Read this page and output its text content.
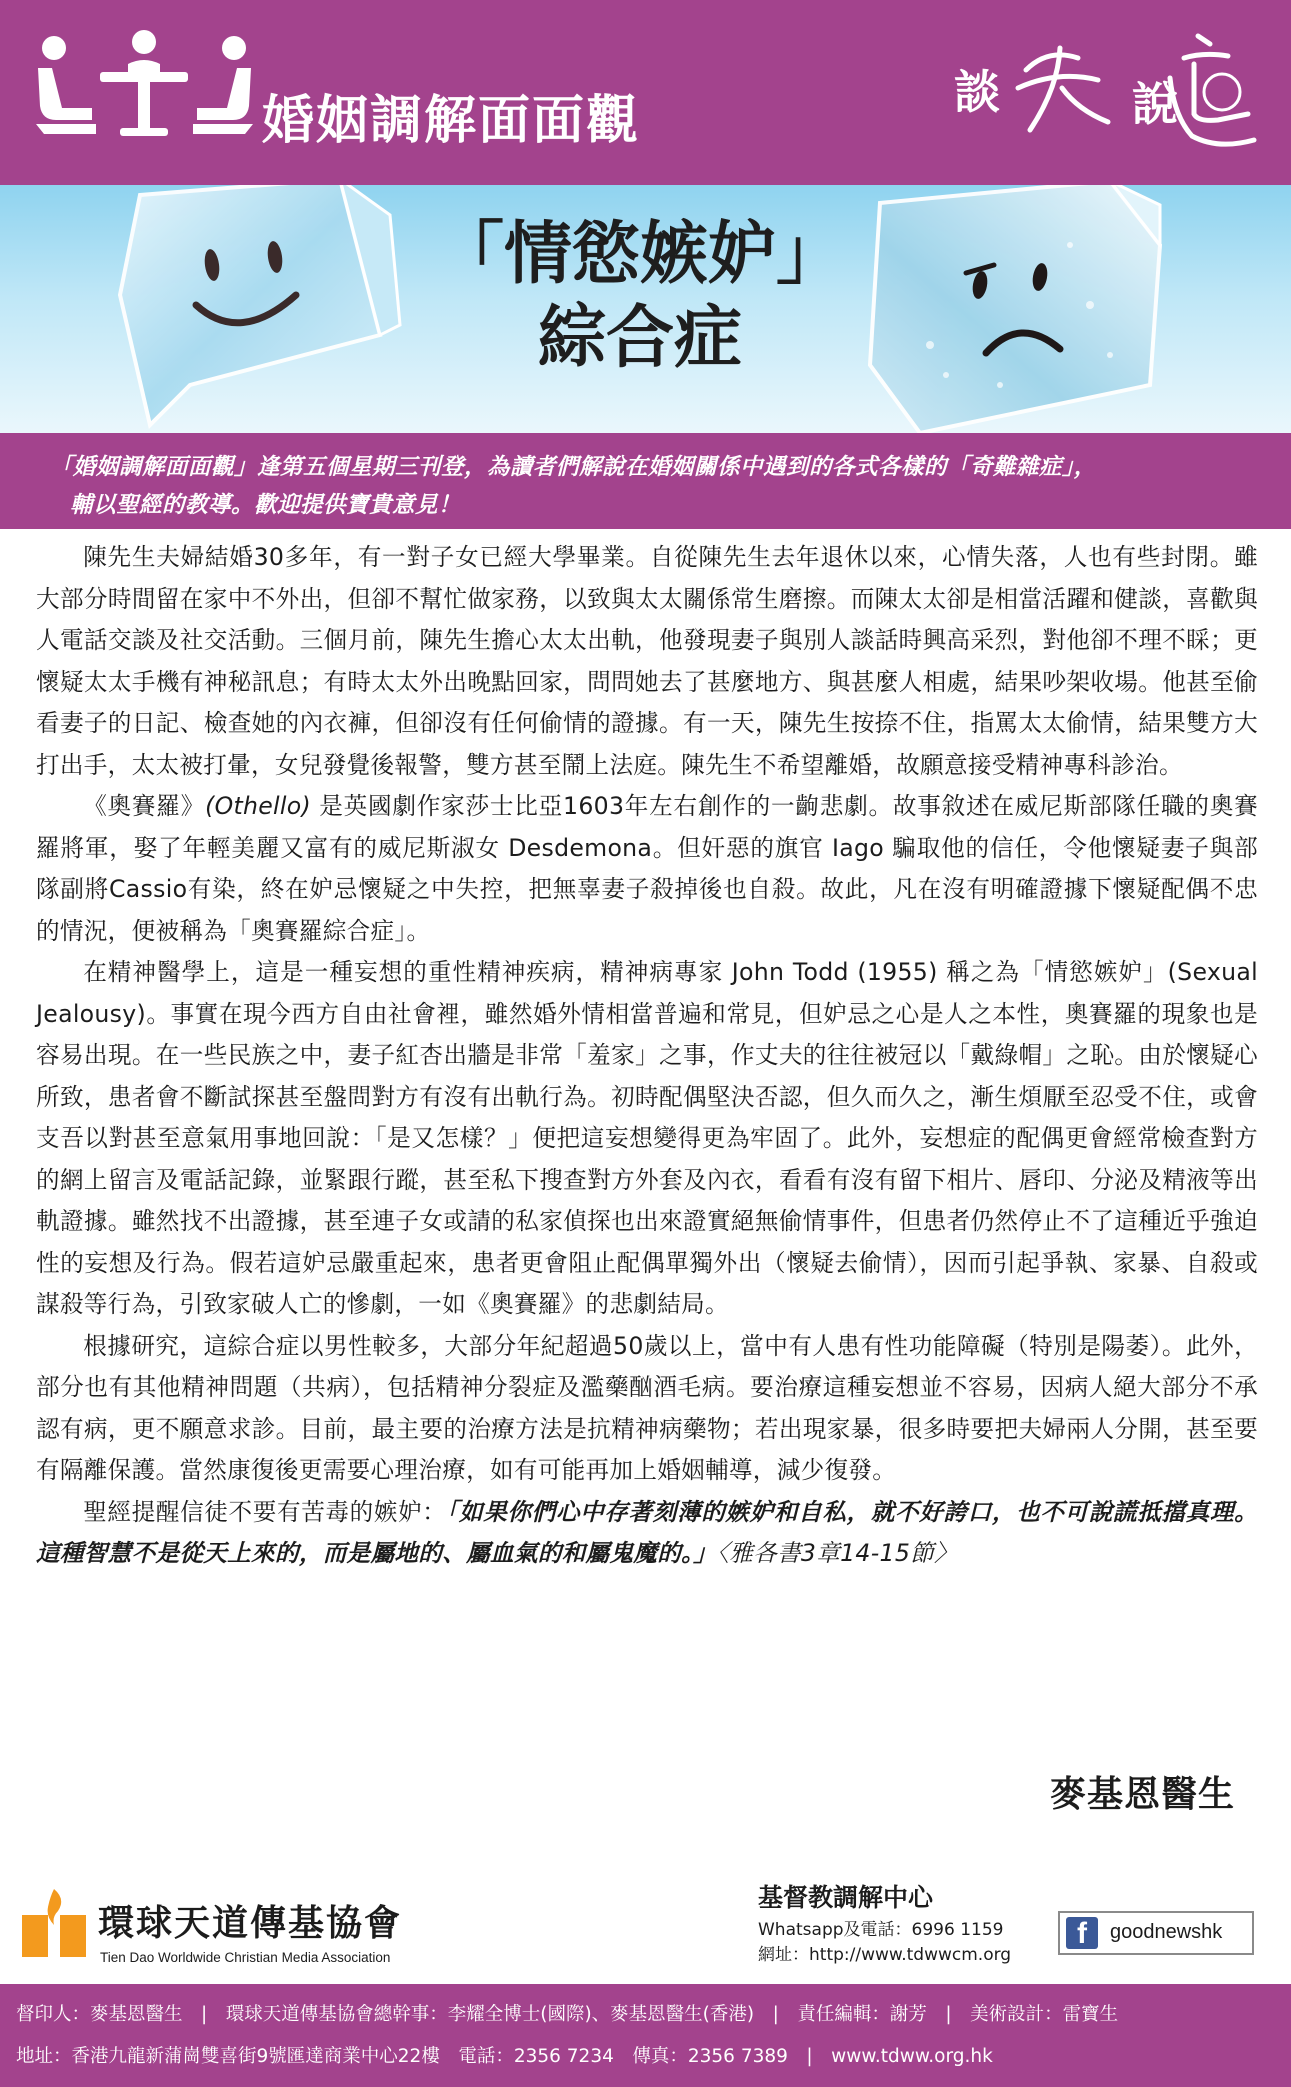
婚姻調解面面觀	談	說
「情慾嫉妒」
綜合症

「婚姻調解面面觀」逢第五個星期三刊登，為讀者們解說在婚姻關係中遇到的各式各樣的「奇難雜症」，

輔以聖經的教導。歡迎提供寶貴意見！

陳先生夫婦結婚30多年，有一對子女已經大學畢業。自從陳先生去年退休以來，心情失落，人也有些封閉。雖大部分時間留在家中不外出，但卻不幫忙做家務，以致與太太關係常生磨擦。而陳太太卻是相當活躍和健談，喜歡與人電話交談及社交活動。三個月前，陳先生擔心太太出軌，他發現妻子與別人談話時興高采烈，對他卻不理不睬；更懷疑太太手機有神秘訊息；有時太太外出晚點回家，問問她去了甚麼地方、與甚麼人相處，結果吵架收場。他甚至偷看妻子的日記、檢查她的內衣褲，但卻沒有任何偷情的證據。有一天，陳先生按捺不住，指罵太太偷情，結果雙方大打出手，太太被打暈，女兒發覺後報警，雙方甚至鬧上法庭。陳先生不希望離婚，故願意接受精神專科診治。

《奧賽羅》(Othello) 是英國劇作家莎士比亞1603年左右創作的一齣悲劇。故事敘述在威尼斯部隊任職的奧賽羅將軍，娶了年輕美麗又富有的威尼斯淑女 Desdemona。但奸惡的旗官 Iago 騙取他的信任，令他懷疑妻子與部隊副將Cassio有染，終在妒忌懷疑之中失控，把無辜妻子殺掉後也自殺。故此，凡在沒有明確證據下懷疑配偶不忠的情況，便被稱為「奧賽羅綜合症」。

在精神醫學上，這是一種妄想的重性精神疾病，精神病專家 John Todd (1955) 稱之為「情慾嫉妒」(Sexual Jealousy)。事實在現今西方自由社會裡，雖然婚外情相當普遍和常見，但妒忌之心是人之本性，奧賽羅的現象也是容易出現。在一些民族之中，妻子紅杏出牆是非常「羞家」之事，作丈夫的往往被冠以「戴綠帽」之恥。由於懷疑心所致，患者會不斷試探甚至盤問對方有沒有出軌行為。初時配偶堅決否認，但久而久之，漸生煩厭至忍受不住，或會支吾以對甚至意氣用事地回說：「是又怎樣？」便把這妄想變得更為牢固了。此外，妄想症的配偶更會經常檢查對方的網上留言及電話記錄，並緊跟行蹤，甚至私下搜查對方外套及內衣，看看有沒有留下相片、唇印、分泌及精液等出軌證據。雖然找不出證據，甚至連子女或請的私家偵探也出來證實絕無偷情事件，但患者仍然停止不了這種近乎強迫性的妄想及行為。假若這妒忌嚴重起來，患者更會阻止配偶單獨外出（懷疑去偷情），因而引起爭執、家暴、自殺或謀殺等行為，引致家破人亡的慘劇，一如《奧賽羅》的悲劇結局。

根據研究，這綜合症以男性較多，大部分年紀超過50歲以上，當中有人患有性功能障礙（特別是陽萎）。此外，部分也有其他精神問題（共病），包括精神分裂症及濫藥酗酒毛病。要治療這種妄想並不容易，因病人絕大部分不承認有病，更不願意求診。目前，最主要的治療方法是抗精神病藥物；若出現家暴，很多時要把夫婦兩人分開，甚至要有隔離保護。當然康復後更需要心理治療，如有可能再加上婚姻輔導，減少復發。

聖經提醒信徒不要有苦毒的嫉妒：「如果你們心中存著刻薄的嫉妒和自私，就不好誇口，也不可說謊抵擋真理。這種智慧不是從天上來的，而是屬地的、屬血氣的和屬鬼魔的。」〈雅各書3章14-15節〉

麥基恩醫生
環球天道傳基協會
Tien Dao Worldwide Christian Media Association
基督教調解中心
Whatsapp及電話：6996 1159
網址：http://www.tdwwcm.org
f goodnewshk

督印人：麥基恩醫生　|　環球天道傳基協會總幹事：李耀全博士(國際)、麥基恩醫生(香港)　|　責任編輯：謝芳　|　美術設計：雷寶生

地址：香港九龍新蒲崗雙喜街9號匯達商業中心22樓　電話：2356 7234　傳真：2356 7389　|　www.tdww.org.hk
